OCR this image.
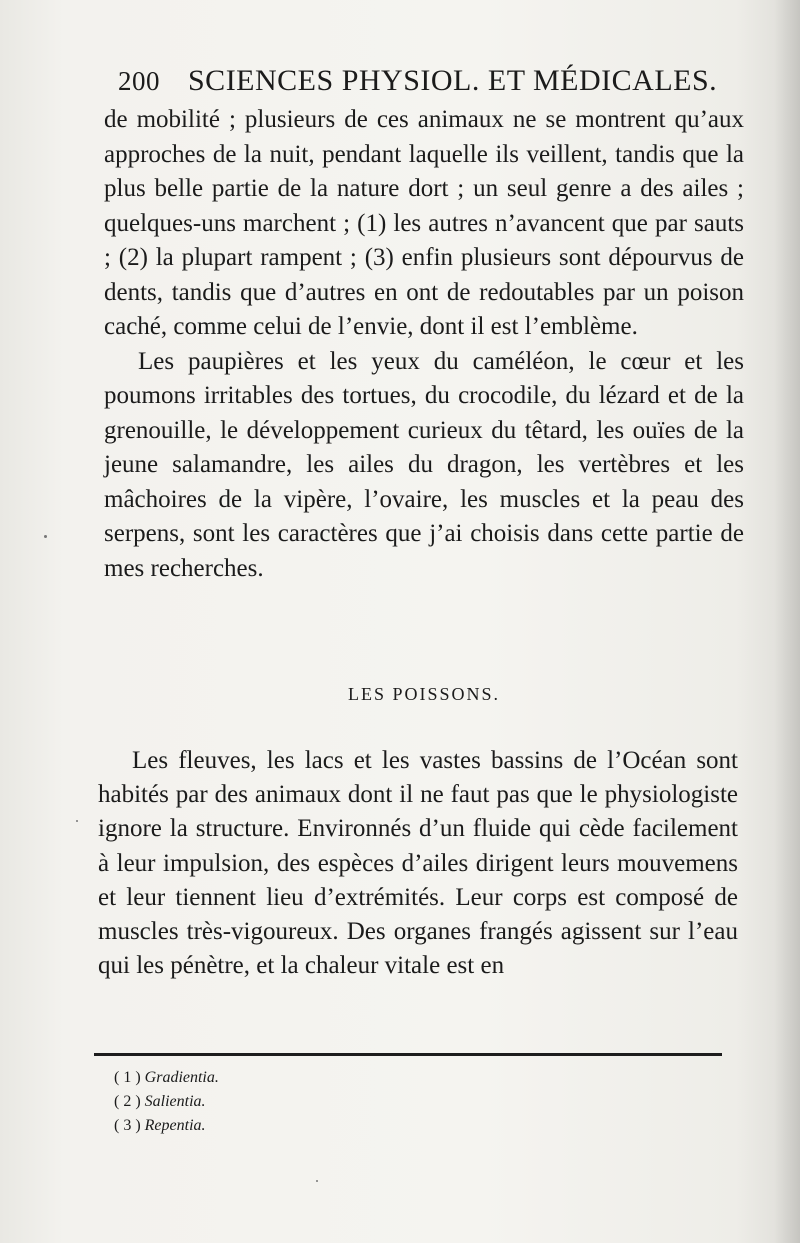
200 SCIENCES PHYSIOL. ET MÉDICALES.

de mobilité ; plusieurs de ces animaux ne se montrent qu’aux approches de la nuit, pendant laquelle ils veillent, tandis que la plus belle partie de la nature dort ; un seul genre a des ailes ; quelques-uns marchent ; (1) les autres n’avancent que par sauts ; (2) la plupart rampent ; (3) enfin plusieurs sont dépourvus de dents, tandis que d’autres en ont de redoutables par un poison caché, comme celui de l’envie, dont il est l’emblème.

Les paupières et les yeux du caméléon, le cœur et les poumons irritables des tortues, du crocodile, du lézard et de la grenouille, le développement curieux du têtard, les ouïes de la jeune salamandre, les ailes du dragon, les vertèbres et les mâchoires de la vipère, l’ovaire, les muscles et la peau des serpens, sont les caractères que j’ai choisis dans cette partie de mes recherches.

LES POISSONS.

Les fleuves, les lacs et les vastes bassins de l’Océan sont habités par des animaux dont il ne faut pas que le physiologiste ignore la structure. Environnés d’un fluide qui cède facilement à leur impulsion, des espèces d’ailes dirigent leurs mouvemens et leur tiennent lieu d’extrémités. Leur corps est composé de muscles très-vigoureux. Des organes frangés agissent sur l’eau qui les pénètre, et la chaleur vitale est en

( 1 ) Gradientia.
( 2 ) Salientia.
( 3 ) Repentia.
